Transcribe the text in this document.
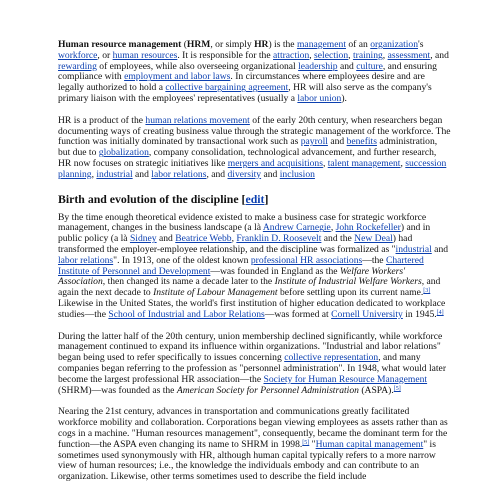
Human resource management (HRM, or simply HR) is the management of an organization's workforce, or human resources. It is responsible for the attraction, selection, training, assessment, and rewarding of employees, while also overseeing organizational leadership and culture, and ensuring compliance with employment and labor laws. In circumstances where employees desire and are legally authorized to hold a collective bargaining agreement, HR will also serve as the company's primary liaison with the employees' representatives (usually a labor union).

HR is a product of the human relations movement of the early 20th century, when researchers began documenting ways of creating business value through the strategic management of the workforce. The function was initially dominated by transactional work such as payroll and benefits administration, but due to globalization, company consolidation, technological advancement, and further research, HR now focuses on strategic initiatives like mergers and acquisitions, talent management, succession planning, industrial and labor relations, and diversity and inclusion

Birth and evolution of the discipline [edit]

By the time enough theoretical evidence existed to make a business case for strategic workforce management, changes in the business landscape (a là Andrew Carnegie, John Rockefeller) and in public policy (a là Sidney and Beatrice Webb, Franklin D. Roosevelt and the New Deal) had transformed the employer-employee relationship, and the discipline was formalized as "industrial and labor relations". In 1913, one of the oldest known professional HR associations—the Chartered Institute of Personnel and Development—was founded in England as the Welfare Workers' Association, then changed its name a decade later to the Institute of Industrial Welfare Workers, and again the next decade to Institute of Labour Management before settling upon its current name.[3] Likewise in the United States, the world's first institution of higher education dedicated to workplace studies—the School of Industrial and Labor Relations—was formed at Cornell University in 1945.[4]

During the latter half of the 20th century, union membership declined significantly, while workforce management continued to expand its influence within organizations. "Industrial and labor relations" began being used to refer specifically to issues concerning collective representation, and many companies began referring to the profession as "personnel administration". In 1948, what would later become the largest professional HR association—the Society for Human Resource Management (SHRM)—was founded as the American Society for Personnel Administration (ASPA).[5]

Nearing the 21st century, advances in transportation and communications greatly facilitated workforce mobility and collaboration. Corporations began viewing employees as assets rather than as cogs in a machine. "Human resources management", consequently, became the dominant term for the function—the ASPA even changing its name to SHRM in 1998.[5] "Human capital management" is sometimes used synonymously with HR, although human capital typically refers to a more narrow view of human resources; i.e., the knowledge the individuals embody and can contribute to an organization. Likewise, other terms sometimes used to describe the field include
